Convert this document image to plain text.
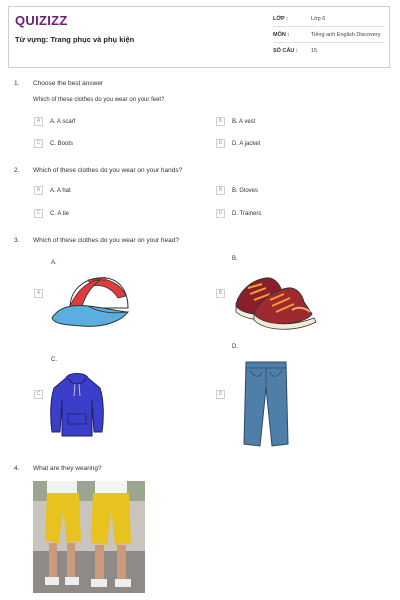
QUIZIZZ
Từ vựng: Trang phục và phụ kiện
LỚP :	Lớp 6
MÔN :	Tiếng anh English Discovery
SỐ CÂU : 15
1. Choose the best answer
Which of these clothes do you wear on your feet?
A	A. A scarf	B	B. A vest
C	C. Boots	D	D. A jacket
2. Which of these clothes do you wear on your hands?
A	A. A hat	B	B. Gloves
C	C. A tie	D	D. Trainers
3. Which of these clothes do you wear on your head?
A.
B.
C.
D.
A	B
C	D
4. What are they wearing?
